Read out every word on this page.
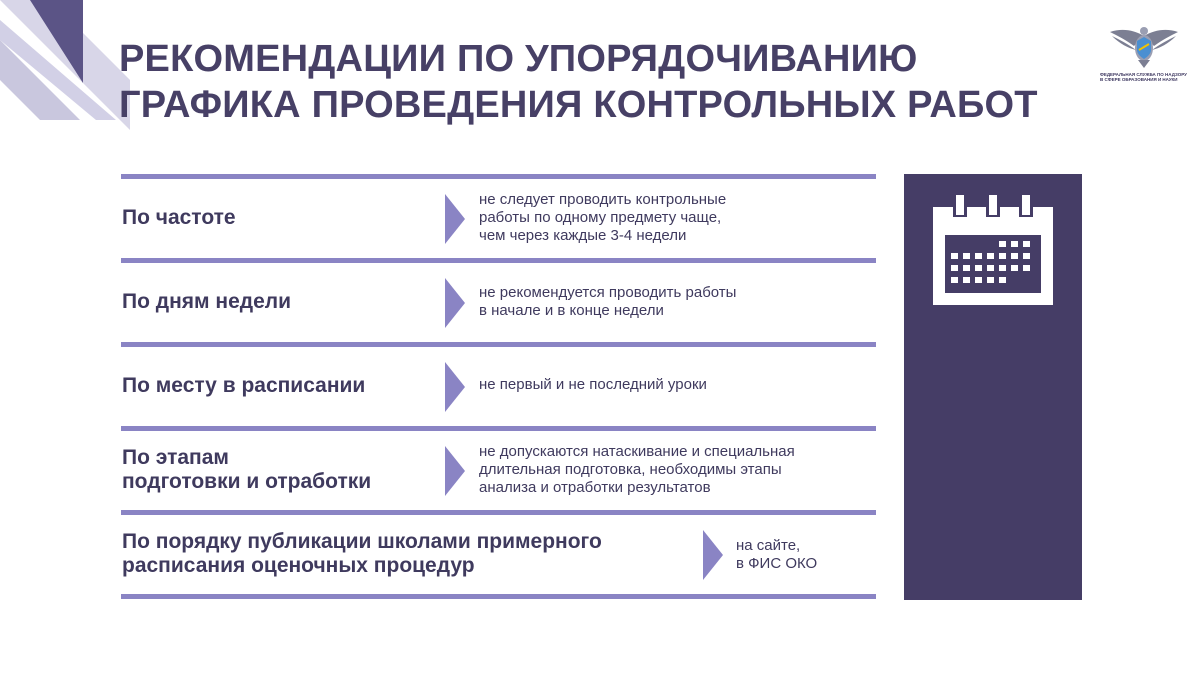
РЕКОМЕНДАЦИИ ПО УПОРЯДОЧИВАНИЮ
ГРАФИКА ПРОВЕДЕНИЯ КОНТРОЛЬНЫХ РАБОТ
ФЕДЕРАЛЬНАЯ СЛУЖБА ПО НАДЗОРУ
В СФЕРЕ ОБРАЗОВАНИЯ И НАУКИ
По частоте
не следует проводить контрольные
работы по одному предмету чаще,
чем через каждые 3-4 недели
По дням недели	не рекомендуется проводить работы
в начале и в конце недели
По месту в расписании	не первый и не последний уроки
По этапам
подготовки и отработки
не допускаются натаскивание и специальная
длительная подготовка, необходимы этапы
анализа и отработки результатов
По порядку публикации школами примерного
расписания оценочных процедур
на сайте,
в ФИС ОКО
